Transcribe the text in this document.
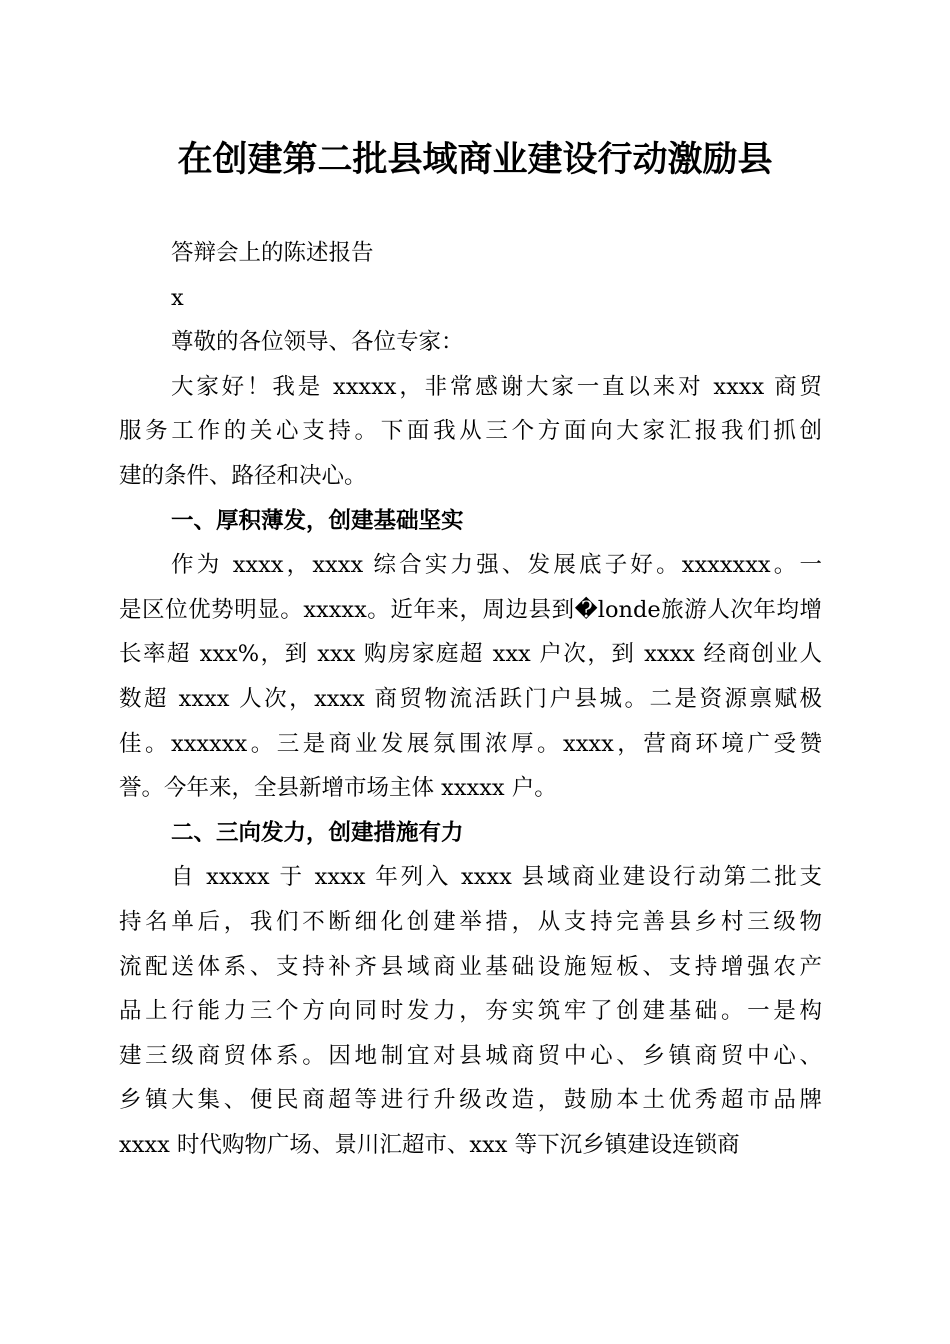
在创建第二批县域商业建设行动激励县
答辩会上的陈述报告
x
尊敬的各位领导、各位专家：
大家好！我是 xxxxx，非常感谢大家一直以来对 xxxx 商贸
服务工作的关心支持。下面我从三个方面向大家汇报我们抓创
建的条件、路径和决心。
一、厚积薄发，创建基础坚实
作为 xxxx，xxxx 综合实力强、发展底子好。xxxxxxx。一
是区位优势明显。xxxxx。近年来，周边县到�londe旅游人次年均增
长率超 xxx%，到 xxx 购房家庭超 xxx 户次，到 xxxx 经商创业人
数超 xxxx 人次，xxxx 商贸物流活跃门户县城。二是资源禀赋极
佳。xxxxxx。三是商业发展氛围浓厚。xxxx，营商环境广受赞
誉。今年来，全县新增市场主体 xxxxx 户。
二、三向发力，创建措施有力
自 xxxxx 于 xxxx 年列入 xxxx 县域商业建设行动第二批支
持名单后，我们不断细化创建举措，从支持完善县乡村三级物
流配送体系、支持补齐县域商业基础设施短板、支持增强农产
品上行能力三个方向同时发力，夯实筑牢了创建基础。一是构
建三级商贸体系。因地制宜对县城商贸中心、乡镇商贸中心、
乡镇大集、便民商超等进行升级改造，鼓励本土优秀超市品牌
xxxx 时代购物广场、景川汇超市、xxx 等下沉乡镇建设连锁商
